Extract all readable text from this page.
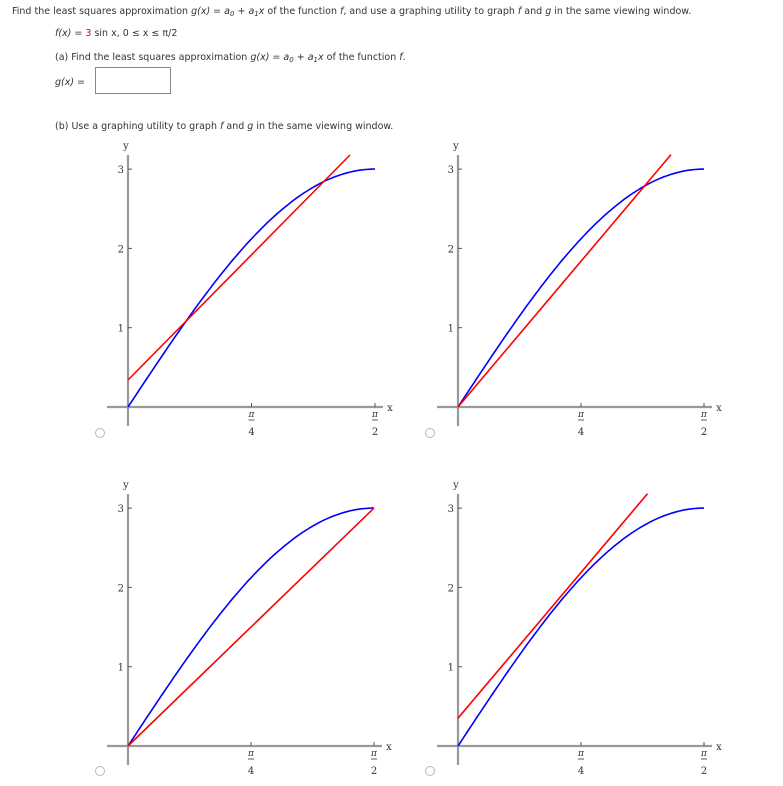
Find the least squares approximation $g(x) = a_0 + a_1x$ of the function f, and use a graphing utility to graph f and g in the same viewing window.
f(x) = 3 sin x, 0 ≤ x ≤ π/2
(a) Find the least squares approximation $g(x) = a_0 + a_1x$ of the function f.
g(x) =
(b) Use a graphing utility to graph f and g in the same viewing window.
1
2
3
y
π
4
π
2
x
1
2
3
y
π
4
π
2
x
1
2
3
y
π
4
π
2
x
1
2
3
y
π
4
π
2
x
